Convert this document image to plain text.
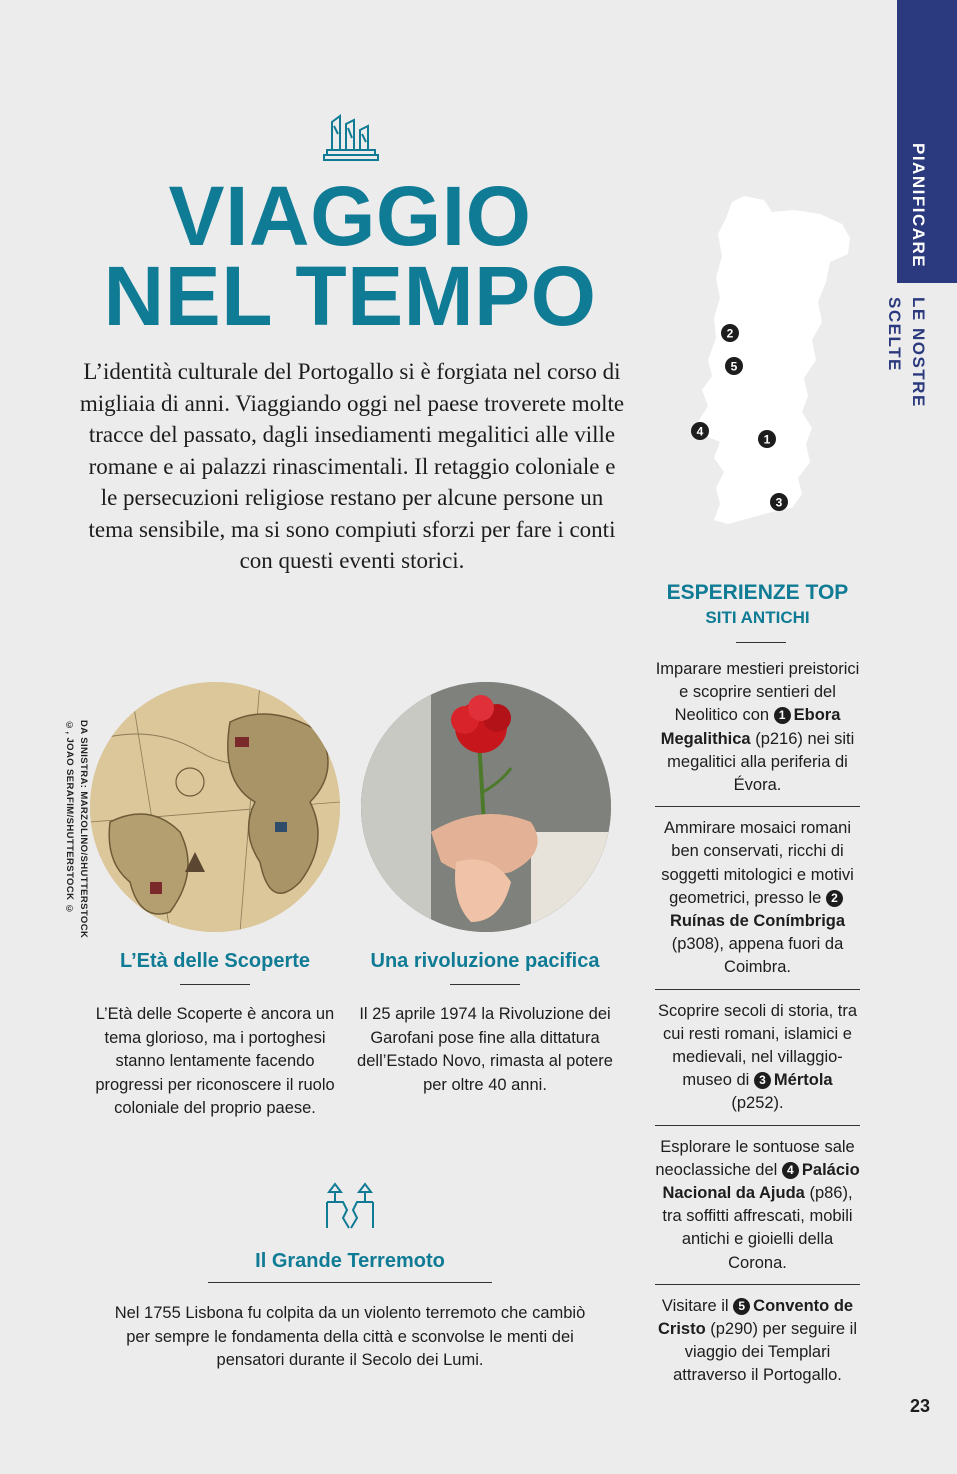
PIANIFICARE
LE NOSTRE SCELTE
23
VIAGGIO
NEL TEMPO
L’identità culturale del Portogallo si è forgiata nel corso di migliaia di anni. Viaggiando oggi nel paese troverete molte tracce del passato, dagli insediamenti megalitici alle ville romane e ai palazzi rinascimentali. Il retaggio coloniale e le persecuzioni religiose restano per alcune persone un tema sensibile, ma si sono compiuti sforzi per fare i conti con questi eventi storici.
2
5
4
1
3
ESPERIENZE TOP
SITI ANTICHI
Imparare mestieri preistorici e scoprire sentieri del Neolitico con 1 Ebora Megalithica (p216) nei siti megalitici alla periferia di Évora.
Ammirare mosaici romani ben conservati, ricchi di soggetti mitologici e motivi geometrici, presso le 2Ruínas de Conímbriga (p308), appena fuori da Coimbra.
Scoprire secoli di storia, tra cui resti romani, islamici e medievali, nel villaggio-museo di 3 Mértola (p252).
Esplorare le sontuose sale neoclassiche del 4 Palácio Nacional da Ajuda (p86), tra soffitti affrescati, mobili antichi e gioielli della Corona.
Visitare il 5 Convento de Cristo (p290) per seguire il viaggio dei Templari attraverso il Portogallo.
DA SINISTRA: MARZOLINO/SHUTTERSTOCK ©, JOAO SERAFIM/SHUTTERSTOCK ©
L’Età delle Scoperte	Una rivoluzione pacifica
L’Età delle Scoperte è ancora un tema glorioso, ma i portoghesi stanno lentamente facendo progressi per riconoscere il ruolo coloniale del proprio paese.
Il 25 aprile 1974 la Rivoluzione dei Garofani pose fine alla dittatura dell’Estado Novo, rimasta al potere per oltre 40 anni.
Il Grande Terremoto
Nel 1755 Lisbona fu colpita da un violento terremoto che cambiò per sempre le fondamenta della città e sconvolse le menti dei pensatori durante il Secolo dei Lumi.
